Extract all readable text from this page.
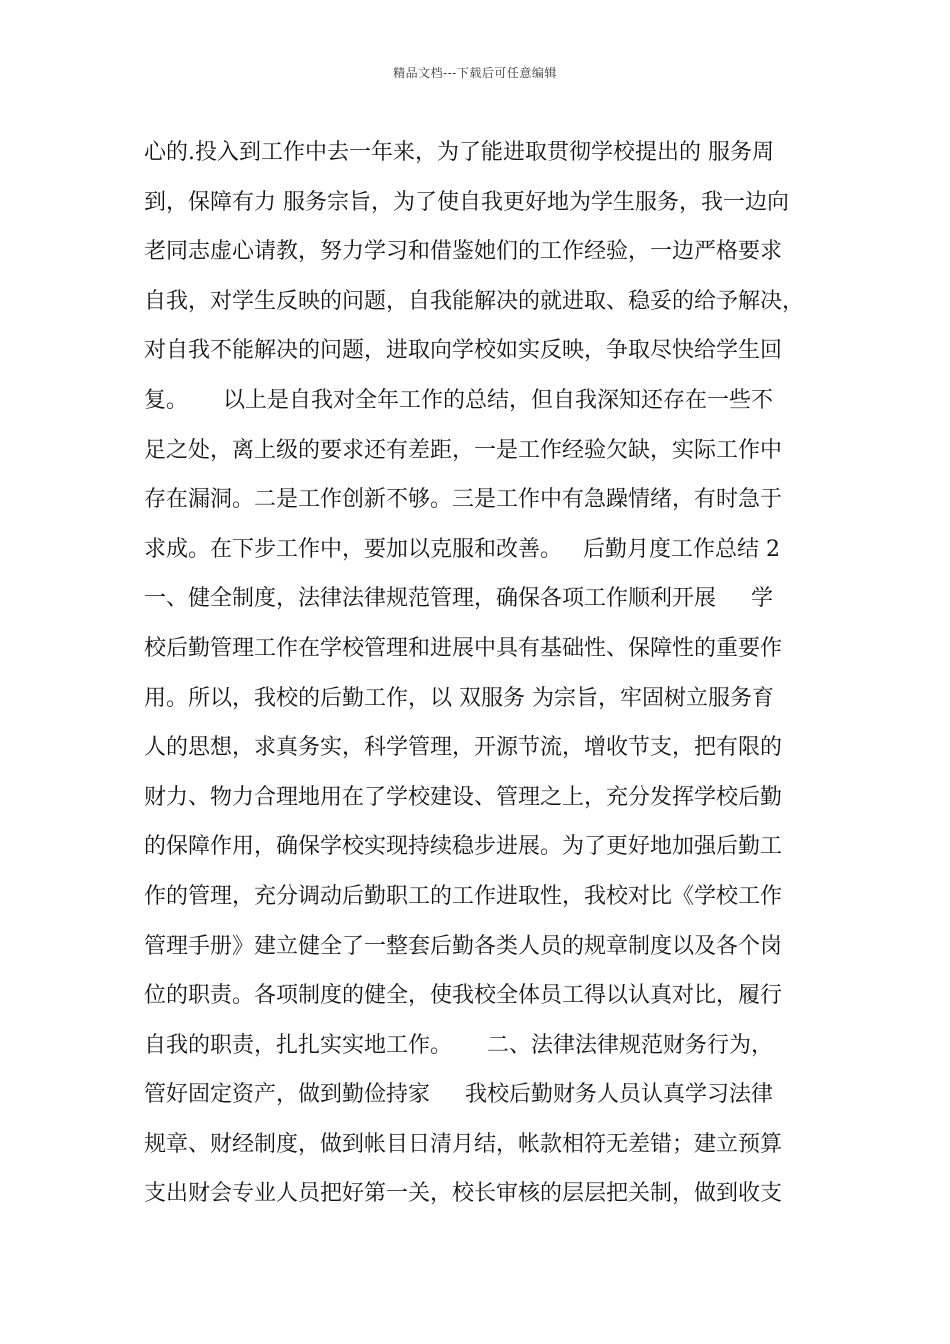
精品文档---下载后可任意编辑
心的.投入到工作中去一年来，为了能进取贯彻学校提出的 服务周
到，保障有力 服务宗旨，为了使自我更好地为学生服务，我一边向
老同志虚心请教，努力学习和借鉴她们的工作经验，一边严格要求
自我，对学生反映的问题，自我能解决的就进取、稳妥的给予解决，
对自我不能解决的问题，进取向学校如实反映，争取尽快给学生回
复。     以上是自我对全年工作的总结，但自我深知还存在一些不
足之处，离上级的要求还有差距，一是工作经验欠缺，实际工作中
存在漏洞。二是工作创新不够。三是工作中有急躁情绪，有时急于
求成。在下步工作中，要加以克服和改善。   后勤月度工作总结 2
一、健全制度，法律法律规范管理，确保各项工作顺利开展     学
校后勤管理工作在学校管理和进展中具有基础性、保障性的重要作
用。所以，我校的后勤工作，以 双服务 为宗旨，牢固树立服务育
人的思想，求真务实，科学管理，开源节流，增收节支，把有限的
财力、物力合理地用在了学校建设、管理之上，充分发挥学校后勤
的保障作用，确保学校实现持续稳步进展。为了更好地加强后勤工
作的管理，充分调动后勤职工的工作进取性，我校对比《学校工作
管理手册》建立健全了一整套后勤各类人员的规章制度以及各个岗
位的职责。各项制度的健全，使我校全体员工得以认真对比，履行
自我的职责，扎扎实实地工作。     二、法律法律规范财务行为，
管好固定资产，做到勤俭持家     我校后勤财务人员认真学习法律
规章、财经制度，做到帐目日清月结，帐款相符无差错；建立预算
支出财会专业人员把好第一关，校长审核的层层把关制，做到收支
